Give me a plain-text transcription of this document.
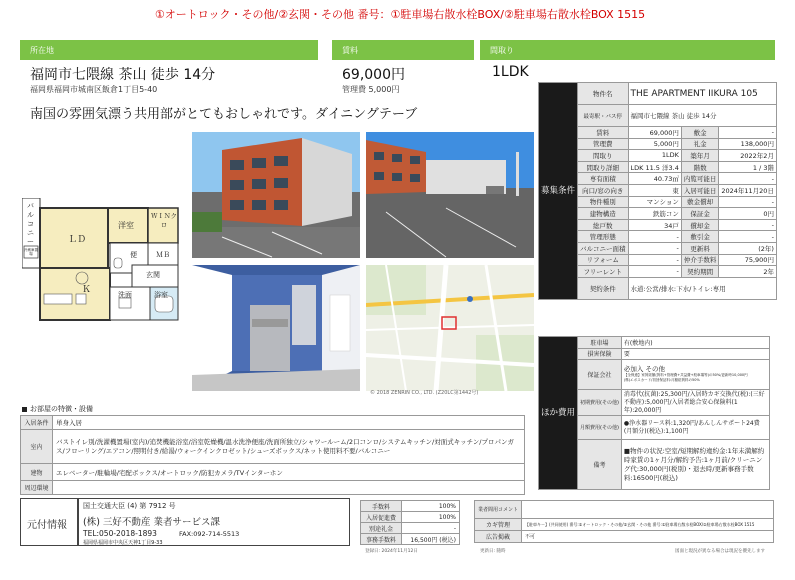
①オートロック・その他/②玄関・その他 番号：①駐車場右散水栓BOX/②駐車場右散水栓BOX 1515
所在地	賃料	間取り
福岡市七隈線 茶山 徒歩 14分
福岡県福岡市城南区飯倉1丁目5-40
69,000円
管理費 5,000円
1LDK
南国の雰囲気漂う共用部がとてもおしゃれです。ダイニングテーブ
バルコニー	ＬＤ
洋室
ＷＩＮクロ
Ｋ
便	ＭＢ
玄関
洗面	浴室
冷蔵庫置場
© 2018 ZENRIN CO., LTD. (Z20LC第1442号)
募集条件	物件名	THE APARTMENT IIKURA 105		
	最寄駅・バス停	福岡市七隈線 茶山 徒歩 14分		
	賃料	69,000円	敷金	-
	管理費	5,000円	礼金	138,000円
	間取り	1LDK	築年月	2022年2月
	間取り詳細	LDK 11.5 洋3.4	階数	1 / 3階
	専有面積	40.73㎡	内覧可能日	-
	向口/窓の向き	東	入居可能日	2024年11月20日
	物件種別	マンション	敷金償却	-
	建物構造	鉄筋コン	保証金	0円
	総戸数	34戸	償却金	-
	管理形態	-	敷引金	-
	バルコニー面積	-	更新料	(2年)
	リフォーム	-	仲介手数料	75,900円
	フリーレント	-	契約期間	2年
	契約条件	水道:公営/排水:下水/トイレ:専用		
ほか費用	駐車場	有(敷地内)
	損害保険	要
	保証会社	必加入 その他
【全保連】家賃総額(賃料+管理費+共益費+駐車場等)の50%/更新時10,000円
(株)エポスカード/初回保証料:月額総賃料の50%

	初期費用(その他)	消毒代(抗菌):25,300円/入居時カギ交換代(税):(三好不動産):5,000円/入居者総合安心保険料(1年):20,000円
	月額費用(その他)	●浄水器リース料:1,320円/あんしんサポート24費(月額分)(税込):1,100円
	備考	■物件の状況:空室/短期解約違約金:1年未満解約時家賃の1ヶ月分/解約予告:1ヶ月前/クリーニング代:30,000円(税別)・退去時/更新事務手数料:16500円(税込)
お部屋の特徴・設備
入居条件	単身入居
室内	バストイレ別/洗濯機置場(室内)/追焚機能浴室/浴室乾燥機/温水洗浄便座/洗面所独立/シャワールーム/2口コンロ/システムキッチン/対面式キッチン/プロパンガス/フローリング/エアコン/照明付き/給湯/ウォークインクロゼット/シューズボックス/ネット使用料不要/バルコニー
建物	エレベーター/駐輪場/宅配ボックス/オートロック/防犯カメラ/TVインターホン
周辺環境	
元付情報
国土交通大臣 (4) 第 7912 号
(株) 三好不動産 業者サービス課
TEL:050-2018-1893	FAX:092-714-5513
福岡県福岡市中央区天神1丁目9-33
手数料	100%
入居促進費	100%
別途礼金	-
事務手数料	16,500円 (税込)
登録日: 2024年11月12日
業者間用コメント	
カギ管理	【駐車キー】(共同使用) 番号:①オートロック・その他/②玄関・その他 番号:①駐車場右散水栓BOX/②駐車場右散水栓BOX 1515
広告掲載	不可
更新日: 随時	図面と現況が異なる場合は現況を優先します
